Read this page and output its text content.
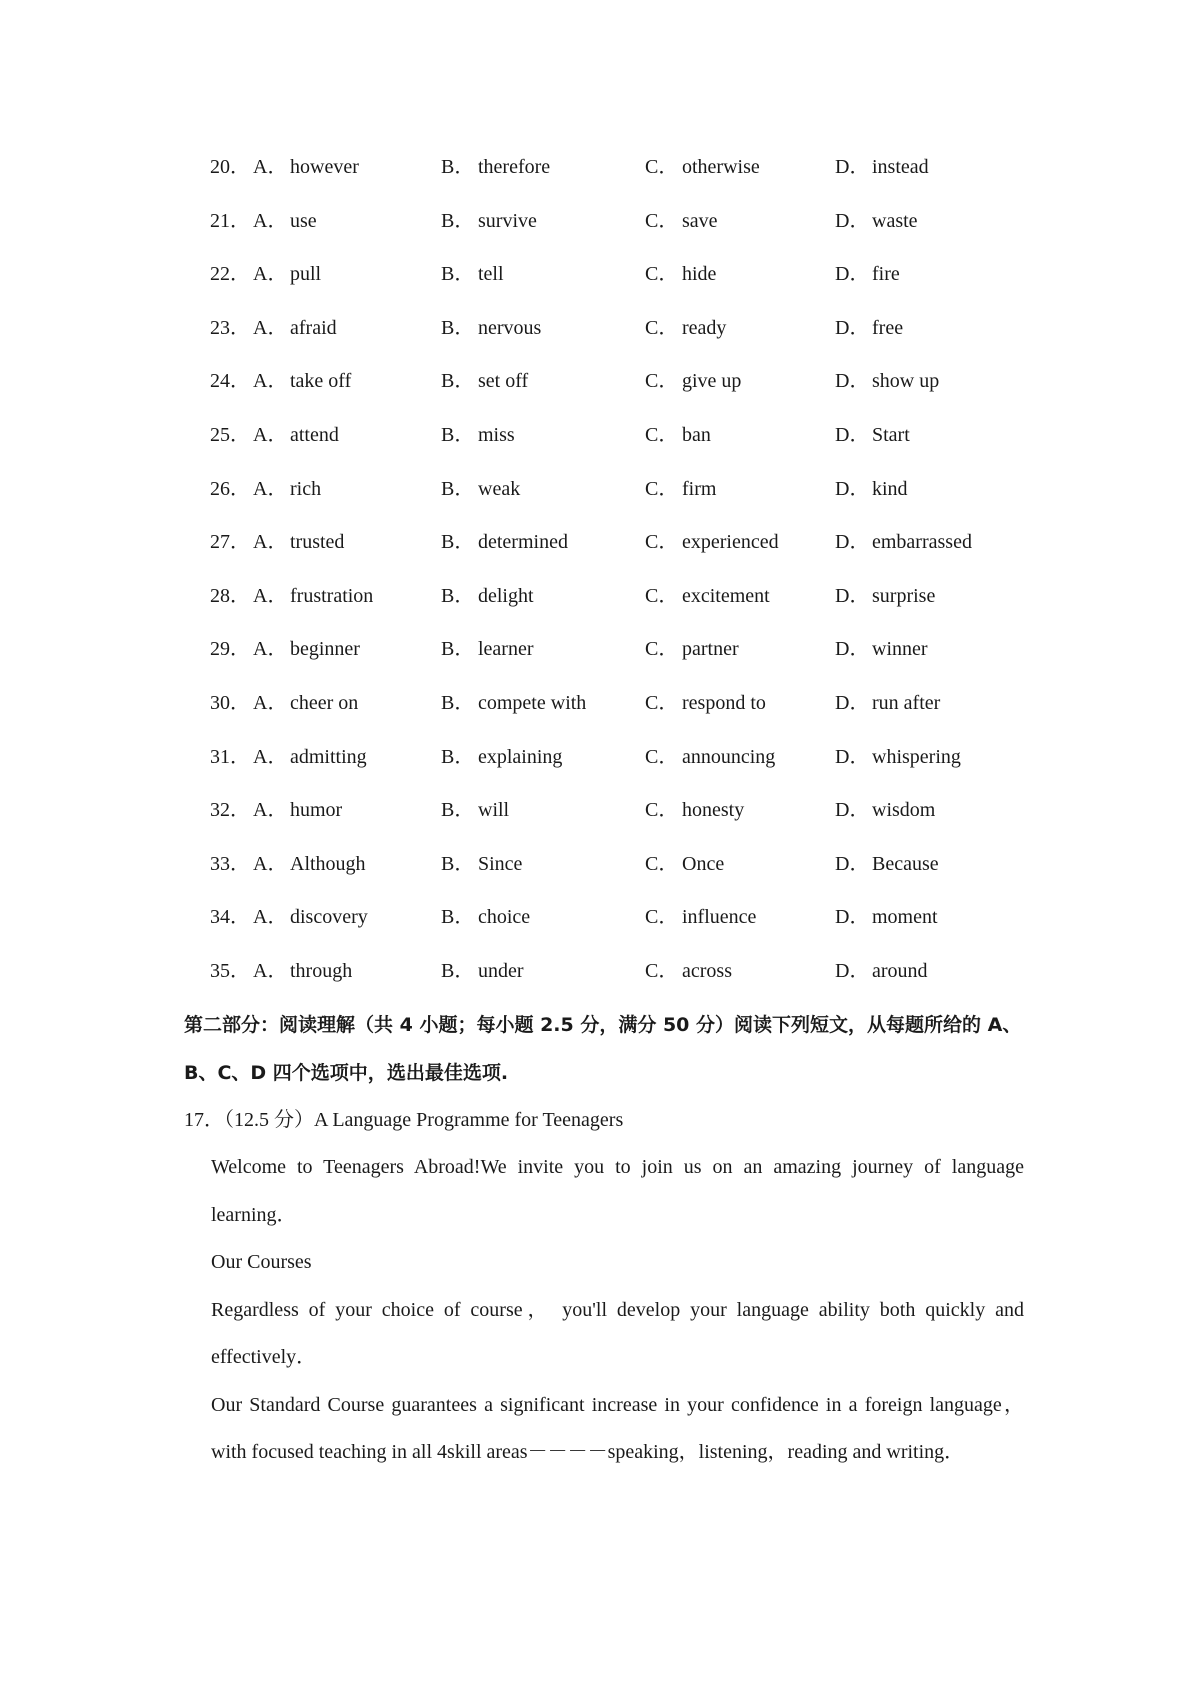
20． A． however	B． therefore	C． otherwise	D． instead
21． A． use	B． survive	C． save	D． waste
22． A． pull	B． tell	C． hide	D． fire
23． A． afraid	B． nervous	C． ready	D． free
24． A． take off	B． set off	C． give up	D． show up
25． A． attend	B． miss	C． ban	D． Start
26． A． rich	B． weak	C． firm	D． kind
27． A． trusted	B． determined	C． experienced	D． embarrassed
28． A． frustration	B． delight	C． excitement	D． surprise
29． A． beginner	B． learner	C． partner	D． winner
30． A． cheer on	B． compete with	C． respond to	D． run after
31． A． admitting	B． explaining	C． announcing	D． whispering
32． A． humor	B． will	C． honesty	D． wisdom
33． A． Although	B． Since	C． Once	D． Because
34． A． discovery	B． choice	C． influence	D． moment
35． A． through	B． under	C． across	D． around
第二部分：阅读理解（共 4 小题；每小题 2.5 分，满分 50 分）阅读下列短文，从每题所给的 A、B、C、D 四个选项中，选出最佳选项.
17．（12.5 分）A Language Programme for Teenagers
Welcome to Teenagers Abroad!We invite you to join us on an amazing journey of language learning．
Our Courses
Regardless of your choice of course， you'll develop your language ability both quickly and effectively．
Our Standard Course guarantees a significant increase in your confidence in a foreign language，with focused teaching in all 4skill areas－－－－speaking，listening，reading and writing．
